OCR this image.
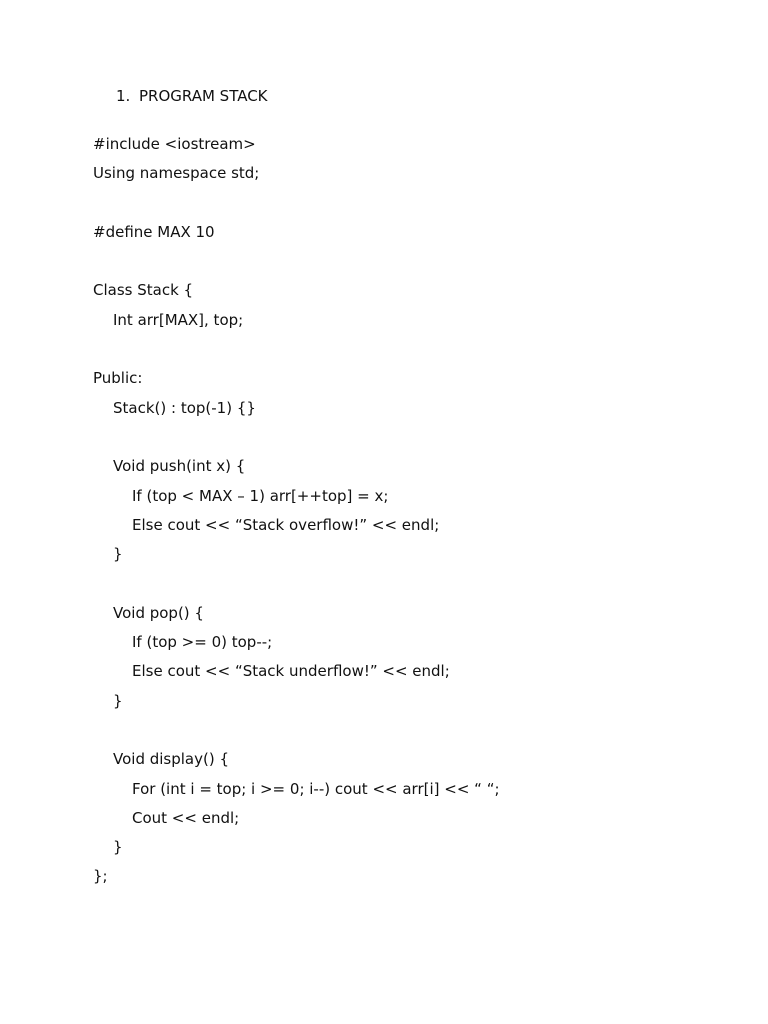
1. PROGRAM STACK
#include <iostream>
Using namespace std;
#define MAX 10
Class Stack {
Int arr[MAX], top;
Public:
Stack() : top(-1) {}
Void push(int x) {
If (top < MAX – 1) arr[++top] = x;
Else cout << “Stack overflow!” << endl;
}
Void pop() {
If (top >= 0) top--;
Else cout << “Stack underflow!” << endl;
}
Void display() {
For (int i = top; i >= 0; i--) cout << arr[i] << “ “;
Cout << endl;
}
};
